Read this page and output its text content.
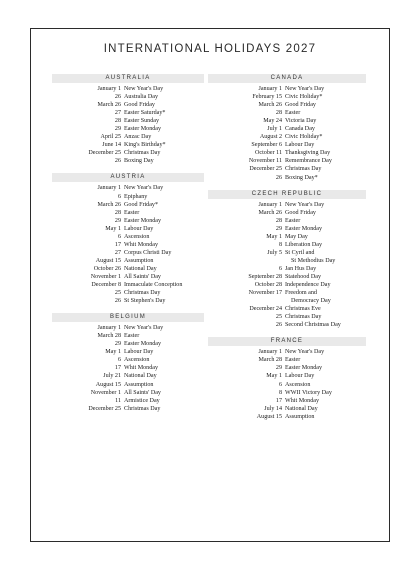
INTERNATIONAL HOLIDAYS 2027
AUSTRALIA
January 1 New Year's Day
26 Australia Day
March 26 Good Friday
27 Easter Saturday*
28 Easter Sunday
29 Easter Monday
April 25 Anzac Day
June 14 King's Birthday*
December 25 Christmas Day
26 Boxing Day
AUSTRIA
January 1 New Year's Day
6 Epiphany
March 26 Good Friday*
28 Easter
29 Easter Monday
May 1 Labour Day
6 Ascension
17 Whit Monday
27 Corpus Christi Day
August 15 Assumption
October 26 National Day
November 1 All Saints' Day
December 8 Immaculate Conception
25 Christmas Day
26 St Stephen's Day
BELGIUM
January 1 New Year's Day
March 28 Easter
29 Easter Monday
May 1 Labour Day
6 Ascension
17 Whit Monday
July 21 National Day
August 15 Assumption
November 1 All Saints' Day
11 Armistice Day
December 25 Christmas Day
CANADA
January 1 New Year's Day
February 15 Civic Holiday*
March 26 Good Friday
28 Easter
May 24 Victoria Day
July 1 Canada Day
August 2 Civic Holiday*
September 6 Labour Day
October 11 Thanksgiving Day
November 11 Remembrance Day
December 25 Christmas Day
26 Boxing Day*
CZECH REPUBLIC
January 1 New Year's Day
March 26 Good Friday
28 Easter
29 Easter Monday
May 1 May Day
8 Liberation Day
July 5 St Cyril and
St Methodius Day
6 Jan Hus Day
September 28 Statehood Day
October 28 Independence Day
November 17 Freedom and
Democracy Day
December 24 Christmas Eve
25 Christmas Day
26 Second Christmas Day
FRANCE
January 1 New Year's Day
March 28 Easter
29 Easter Monday
May 1 Labour Day
6 Ascension
8 WWII Victory Day
17 Whit Monday
July 14 National Day
August 15 Assumption
